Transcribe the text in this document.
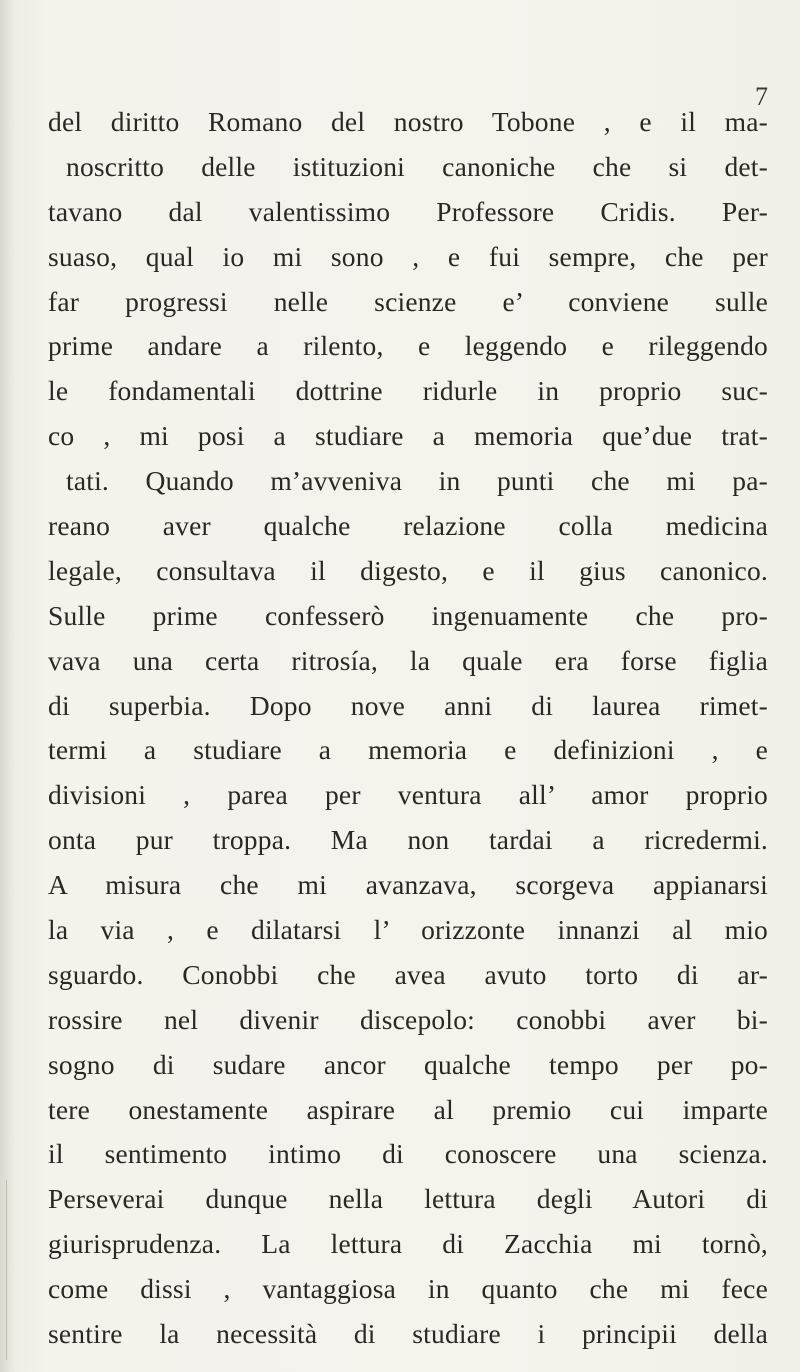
7
del diritto Romano del nostro Tobone , e il ma-
noscritto delle istituzioni canoniche che si det-
tavano dal valentissimo Professore Cridis. Per-
suaso, qual io mi sono , e fui sempre, che per
far progressi nelle scienze e’ conviene sulle
prime andare a rilento, e leggendo e rileggendo
le fondamentali dottrine ridurle in proprio suc-
co , mi posi a studiare a memoria que’due trat-
tati. Quando m’avveniva in punti che mi pa-
reano aver qualche relazione colla medicina
legale, consultava il digesto, e il gius canonico.
Sulle prime confesserò ingenuamente che pro-
vava una certa ritrosía, la quale era forse figlia
di superbia. Dopo nove anni di laurea rimet-
termi a studiare a memoria e definizioni , e
divisioni , parea per ventura all’ amor proprio
onta pur troppa. Ma non tardai a ricredermi.
A misura che mi avanzava, scorgeva appianarsi
la via , e dilatarsi l’ orizzonte innanzi al mio
sguardo. Conobbi che avea avuto torto di ar-
rossire nel divenir discepolo: conobbi aver bi-
sogno di sudare ancor qualche tempo per po-
tere onestamente aspirare al premio cui imparte
il sentimento intimo di conoscere una scienza.
Perseverai dunque nella lettura degli Autori di
giurisprudenza. La lettura di Zacchia mi tornò,
come dissi , vantaggiosa in quanto che mi fece
sentire la necessità di studiare i principii della
